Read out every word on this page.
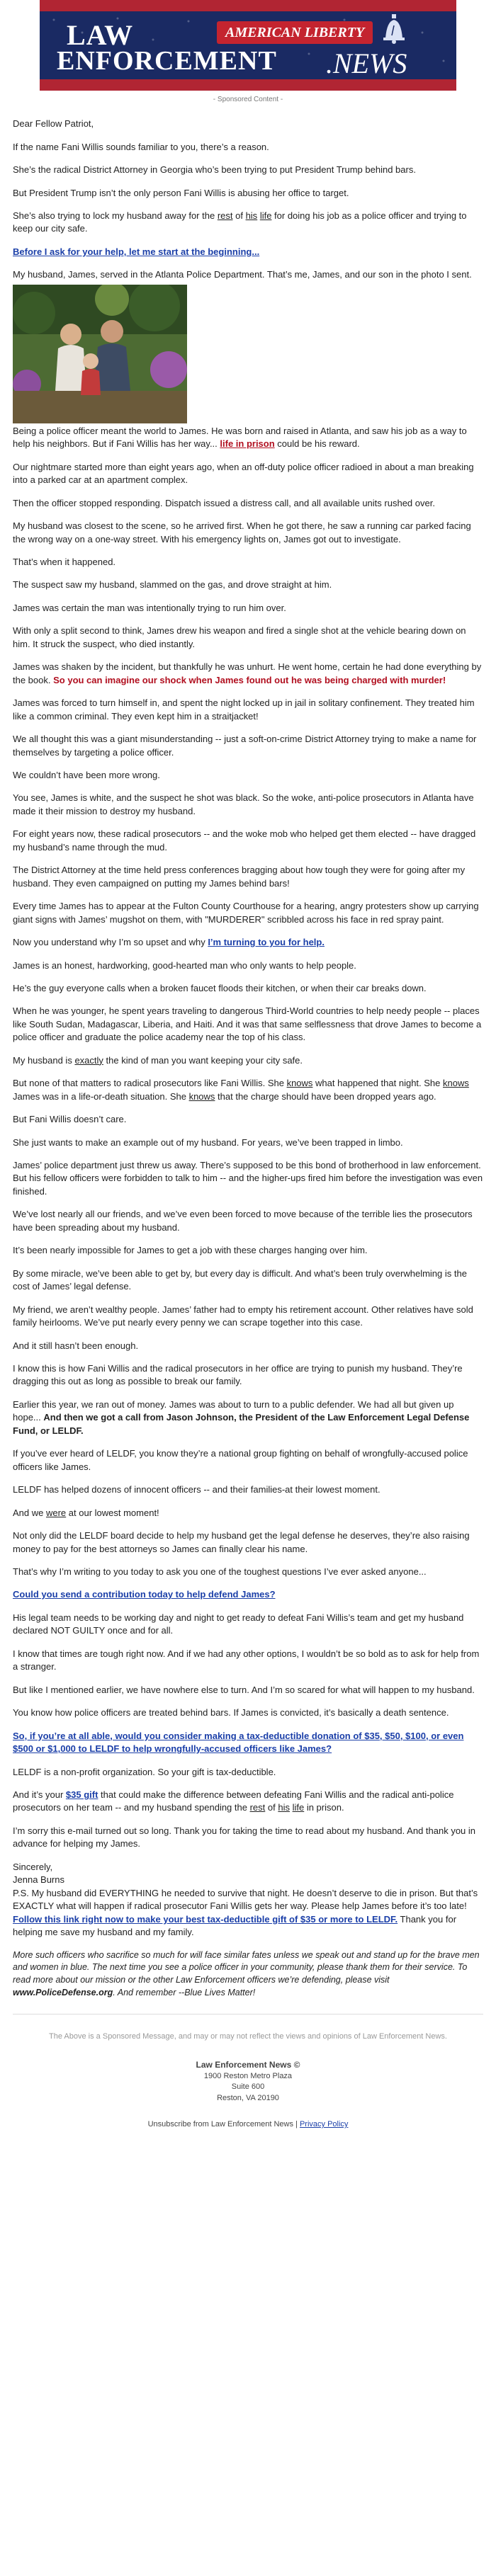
LAW	AMERICAN LIBERTY
ENFORCEMENT .NEWS
- Sponsored Content -

Dear Fellow Patriot,

If the name Fani Willis sounds familiar to you, there’s a reason.

She’s the radical District Attorney in Georgia who’s been trying to put President Trump behind bars.

But President Trump isn’t the only person Fani Willis is abusing her office to target.

She’s also trying to lock my husband away for the rest of his life for doing his job as a police officer and trying to keep our city safe.

Before I ask for your help, let me start at the beginning...

My husband, James, served in the Atlanta Police Department. That’s me, James, and our son in the photo I sent.

Being a police officer meant the world to James. He was born and raised in Atlanta, and saw his job as a way to help his neighbors. But if Fani Willis has her way... life in prison could be his reward.

Our nightmare started more than eight years ago, when an off-duty police officer radioed in about a man breaking into a parked car at an apartment complex.

Then the officer stopped responding. Dispatch issued a distress call, and all available units rushed over.

My husband was closest to the scene, so he arrived first. When he got there, he saw a running car parked facing the wrong way on a one-way street. With his emergency lights on, James got out to investigate.

That’s when it happened.

The suspect saw my husband, slammed on the gas, and drove straight at him.

James was certain the man was intentionally trying to run him over.

With only a split second to think, James drew his weapon and fired a single shot at the vehicle bearing down on him. It struck the suspect, who died instantly.

James was shaken by the incident, but thankfully he was unhurt. He went home, certain he had done everything by the book. So you can imagine our shock when James found out he was being charged with murder!

James was forced to turn himself in, and spent the night locked up in jail in solitary confinement. They treated him like a common criminal. They even kept him in a straitjacket!

We all thought this was a giant misunderstanding -- just a soft-on-crime District Attorney trying to make a name for themselves by targeting a police officer.

We couldn’t have been more wrong.

You see, James is white, and the suspect he shot was black. So the woke, anti-police prosecutors in Atlanta have made it their mission to destroy my husband.

For eight years now, these radical prosecutors -- and the woke mob who helped get them elected -- have dragged my husband’s name through the mud.

The District Attorney at the time held press conferences bragging about how tough they were for going after my husband. They even campaigned on putting my James behind bars!

Every time James has to appear at the Fulton County Courthouse for a hearing, angry protesters show up carrying giant signs with James’ mugshot on them, with "MURDERER" scribbled across his face in red spray paint.

Now you understand why I’m so upset and why I’m turning to you for help.

James is an honest, hardworking, good-hearted man who only wants to help people.

He’s the guy everyone calls when a broken faucet floods their kitchen, or when their car breaks down.

When he was younger, he spent years traveling to dangerous Third-World countries to help needy people -- places like South Sudan, Madagascar, Liberia, and Haiti. And it was that same selflessness that drove James to become a police officer and graduate the police academy near the top of his class.

My husband is exactly the kind of man you want keeping your city safe.

But none of that matters to radical prosecutors like Fani Willis. She knows what happened that night. She knows James was in a life-or-death situation. She knows that the charge should have been dropped years ago.

But Fani Willis doesn’t care.

She just wants to make an example out of my husband. For years, we’ve been trapped in limbo.

James’ police department just threw us away. There’s supposed to be this bond of brotherhood in law enforcement. But his fellow officers were forbidden to talk to him -- and the higher-ups fired him before the investigation was even finished.

We’ve lost nearly all our friends, and we’ve even been forced to move because of the terrible lies the prosecutors have been spreading about my husband.

It’s been nearly impossible for James to get a job with these charges hanging over him.

By some miracle, we’ve been able to get by, but every day is difficult. And what’s been truly overwhelming is the cost of James’ legal defense.

My friend, we aren’t wealthy people. James’ father had to empty his retirement account. Other relatives have sold family heirlooms. We’ve put nearly every penny we can scrape together into this case.

And it still hasn’t been enough.

I know this is how Fani Willis and the radical prosecutors in her office are trying to punish my husband. They’re dragging this out as long as possible to break our family.

Earlier this year, we ran out of money. James was about to turn to a public defender. We had all but given up hope... And then we got a call from Jason Johnson, the President of the Law Enforcement Legal Defense Fund, or LELDF.

If you’ve ever heard of LELDF, you know they’re a national group fighting on behalf of wrongfully-accused police officers like James.

LELDF has helped dozens of innocent officers -- and their families-at their lowest moment.

And we were at our lowest moment!

Not only did the LELDF board decide to help my husband get the legal defense he deserves, they’re also raising money to pay for the best attorneys so James can finally clear his name.

That’s why I’m writing to you today to ask you one of the toughest questions I’ve ever asked anyone...

Could you send a contribution today to help defend James?

His legal team needs to be working day and night to get ready to defeat Fani Willis’s team and get my husband declared NOT GUILTY once and for all.

I know that times are tough right now. And if we had any other options, I wouldn’t be so bold as to ask for help from a stranger.

But like I mentioned earlier, we have nowhere else to turn. And I’m so scared for what will happen to my husband.

You know how police officers are treated behind bars. If James is convicted, it’s basically a death sentence.

So, if you’re at all able, would you consider making a tax-deductible donation of $35, $50, $100, or even $500 or $1,000 to LELDF to help wrongfully-accused officers like James?

LELDF is a non-profit organization. So your gift is tax-deductible.

And it’s your $35 gift that could make the difference between defeating Fani Willis and the radical anti-police prosecutors on her team -- and my husband spending the rest of his life in prison.

I’m sorry this e-mail turned out so long. Thank you for taking the time to read about my husband. And thank you in advance for helping my James.

Sincerely,
Jenna Burns

P.S. My husband did EVERYTHING he needed to survive that night. He doesn’t deserve to die in prison. But that’s EXACTLY what will happen if radical prosecutor Fani Willis gets her way. Please help James before it’s too late! Follow this link right now to make your best tax-deductible gift of $35 or more to LELDF. Thank you for helping me save my husband and my family.

More such officers who sacrifice so much for will face similar fates unless we speak out and stand up for the brave men and women in blue. The next time you see a police officer in your community, please thank them for their service. To read more about our mission or the other Law Enforcement officers we’re defending, please visit www.PoliceDefense.org. And remember --Blue Lives Matter!

The Above is a Sponsored Message, and may or may not reflect the views and opinions of Law Enforcement News.
Law Enforcement News ©
1900 Reston Metro Plaza
Suite 600
Reston, VA 20190
Unsubscribe from Law Enforcement News | Privacy Policy
